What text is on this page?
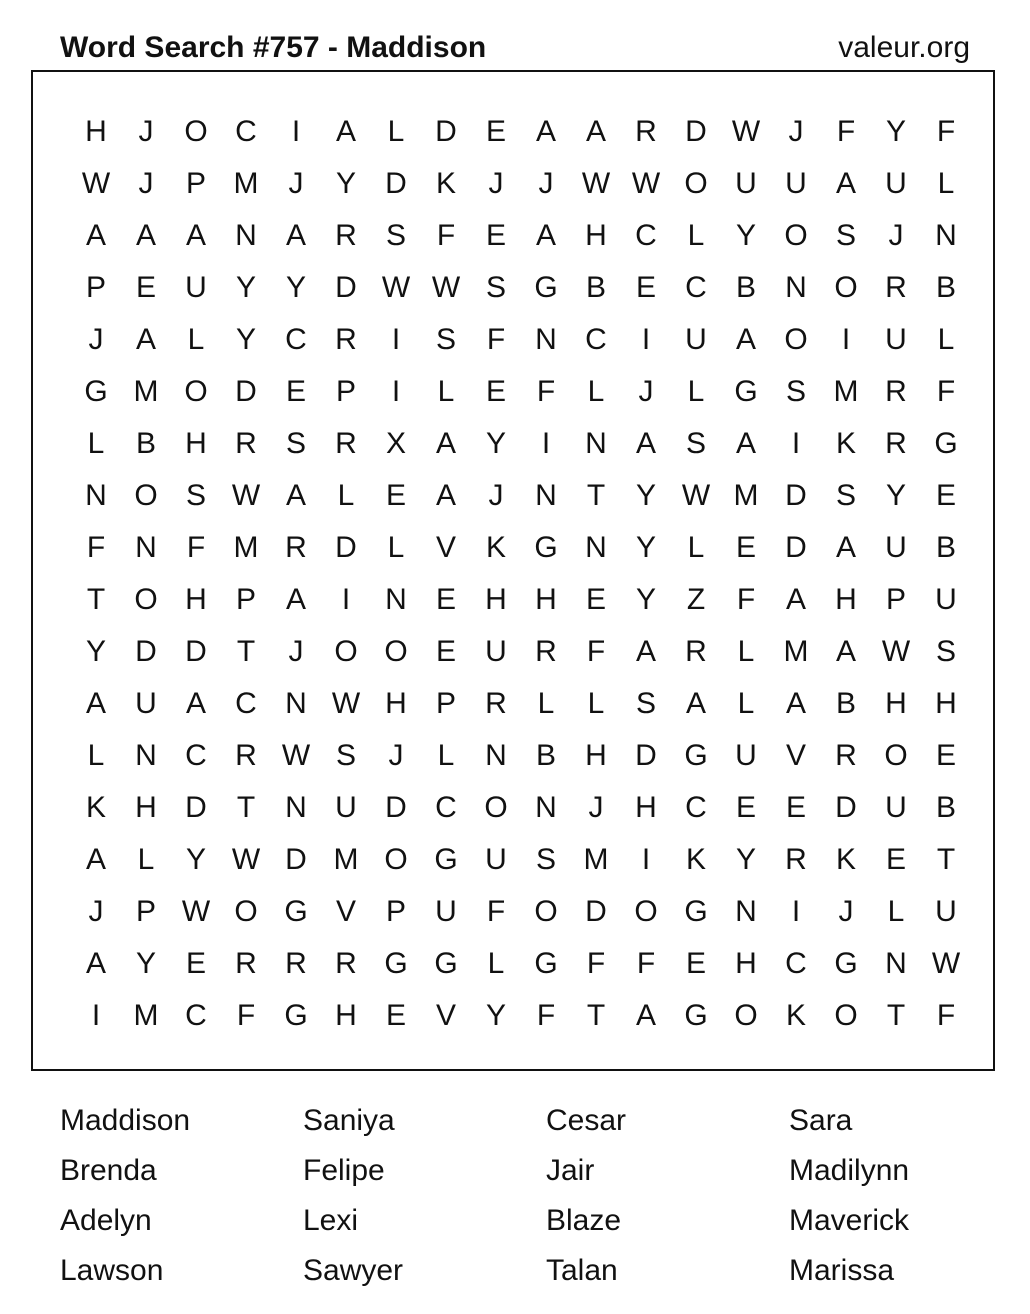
Word Search #757 - Maddison	valeur.org
H	J	O C	I	A	L	D E A A R D W J	F	Y	F
W J	P M	J	Y D K	J	J W W O U U A U	L
A A A N A R S	F	E A H C	L	Y O S	J	N
P E U Y Y D W W S G B E C B N O R B
J	A	L	Y C R	I	S	F	N C	I	U A O	I	U	L
G M O D E P	I	L	E	F	L	J	L G S M R	F
L	B H R S R X A Y	I	N A S A	I	K R G
N O S W A	L	E A	J	N	T	Y W M D S Y E
F	N	F M R D	L	V K G N Y	L	E D A U B
T O H P A	I	N E H H E Y	Z	F	A H P U
Y D D	T	J	O O E U R	F	A R	L M A W S
A U A C N W H P R	L	L	S A	L	A B H H
L	N C R W S	J	L	N B H D G U V R O E
K H D	T	N U D C O N	J	H C E E D U B
A	L	Y W D M O G U S M	I	K Y R K E	T
J	P W O G V P U	F O D O G N	I	J	L	U
A Y E R R R G G L G F	F	E H C G N W
I	M C	F G H E V Y	F	T	A G O K O T	F
Maddison	Saniya	Cesar	Sara
Brenda	Felipe	Jair	Madilynn
Adelyn	Lexi	Blaze	Maverick
Lawson	Sawyer	Talan	Marissa
